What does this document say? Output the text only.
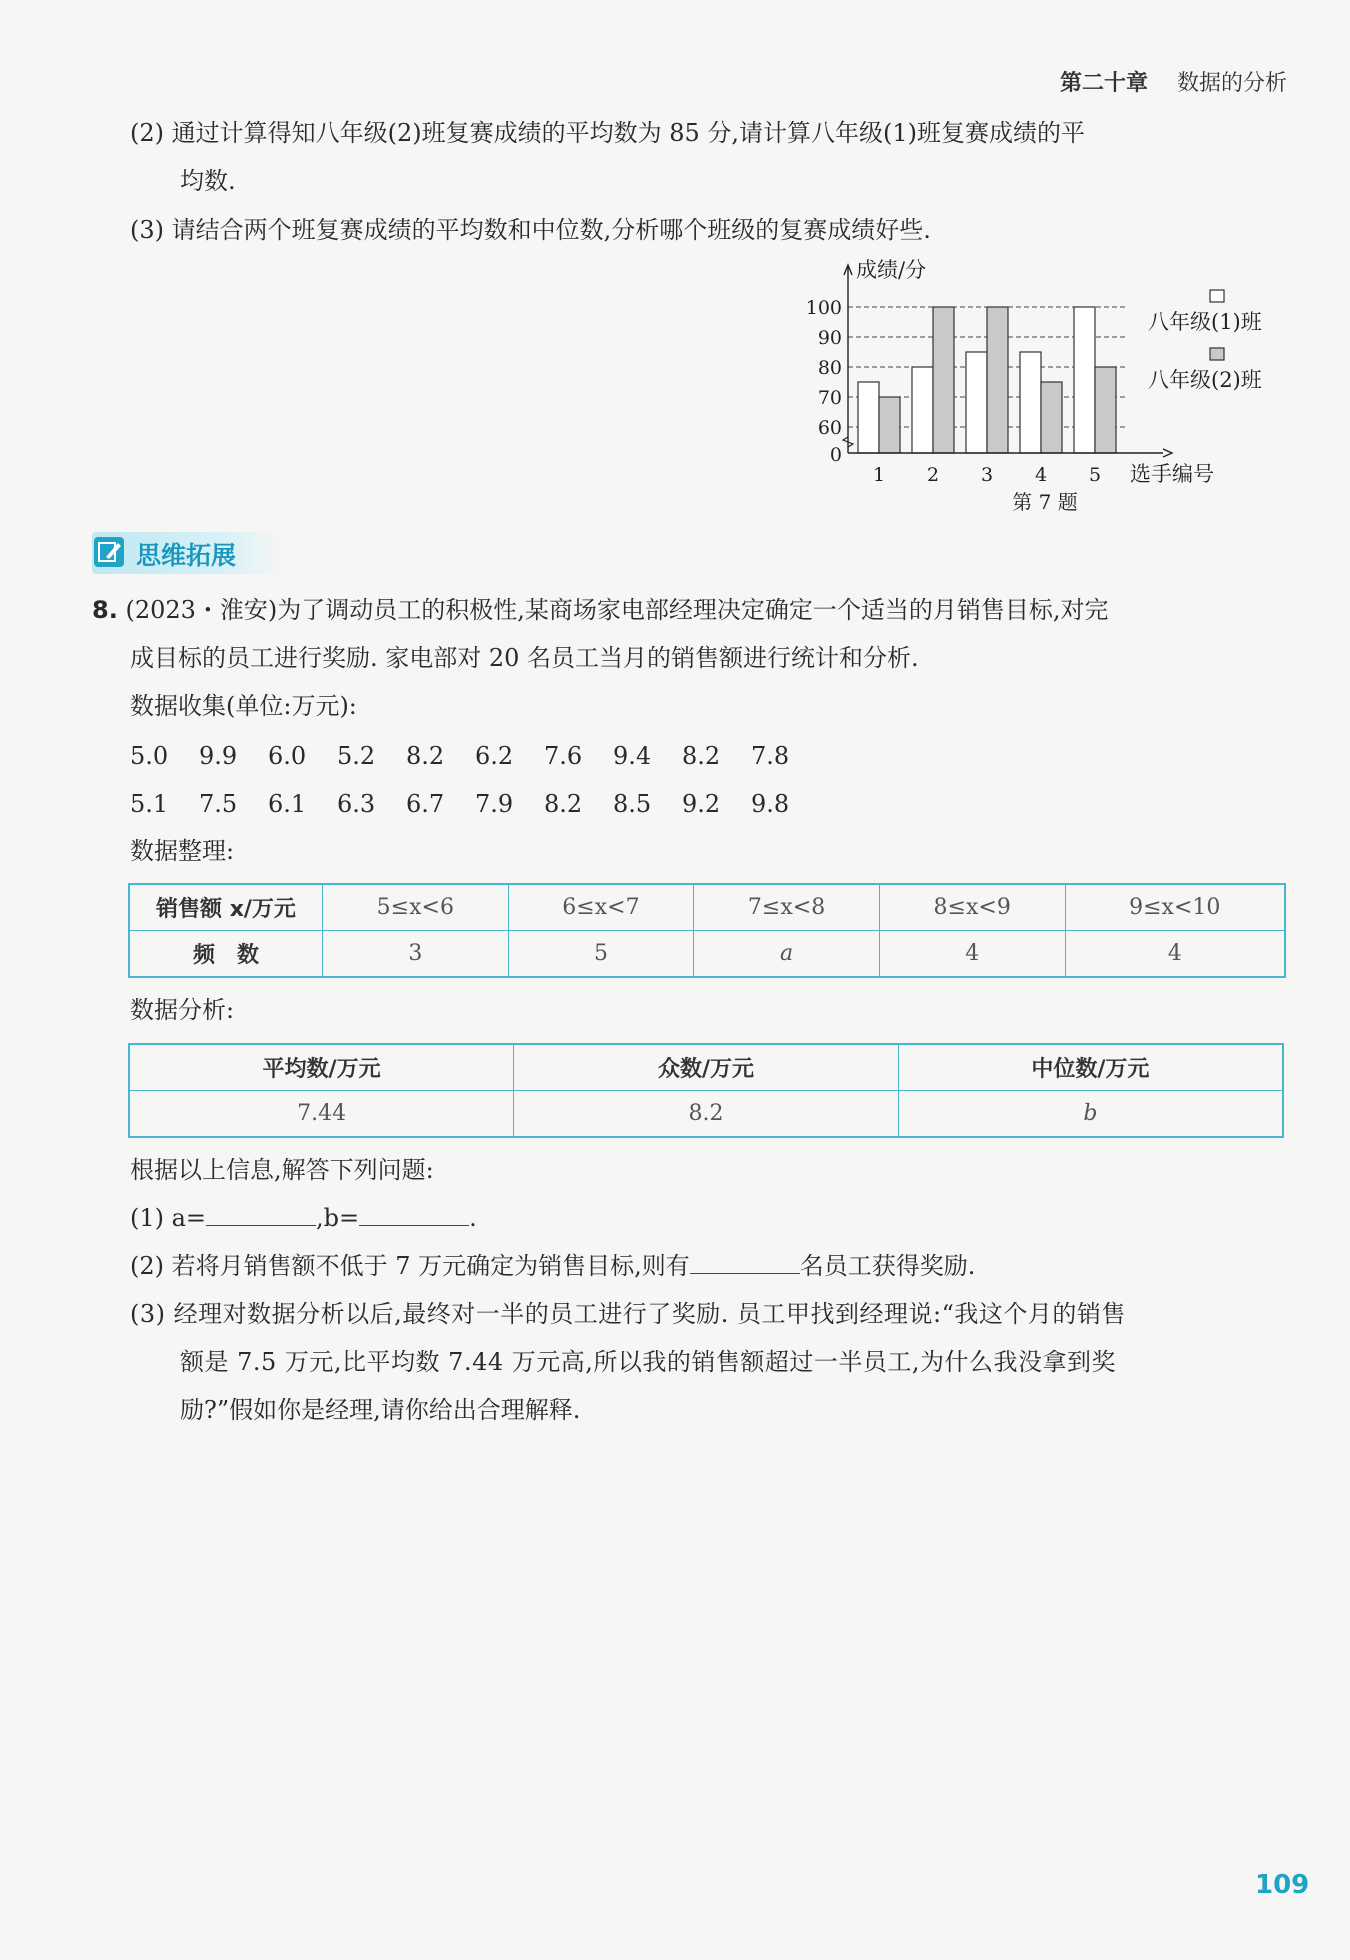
第二十章 数据的分析
(2) 通过计算得知八年级(2)班复赛成绩的平均数为 85 分,请计算八年级(1)班复赛成绩的平
均数.
(3) 请结合两个班复赛成绩的平均数和中位数,分析哪个班级的复赛成绩好些.
0
60
70
80
90
100
1 2 3 4 5
成绩/分
选手编号
第 7 题
八年级(1)班
八年级(2)班
思维拓展
8. (2023・淮安)为了调动员工的积极性,某商场家电部经理决定确定一个适当的月销售目标,对完
成目标的员工进行奖励. 家电部对 20 名员工当月的销售额进行统计和分析.
数据收集(单位:万元):
5.0 9.9 6.0 5.2 8.2 6.2 7.6 9.4 8.2 7.8
5.1 7.5 6.1 6.3 6.7 7.9 8.2 8.5 9.2 9.8
数据整理:
销售额 x/万元	5≤x<6	6≤x<7	7≤x<8	8≤x<9	9≤x<10
频　数	3	5	a	4	4
数据分析:
平均数/万元	众数/万元	中位数/万元
7.44	8.2	b
根据以上信息,解答下列问题:
(1) a=	,b=	.
(2) 若将月销售额不低于 7 万元确定为销售目标,则有	名员工获得奖励.
(3) 经理对数据分析以后,最终对一半的员工进行了奖励. 员工甲找到经理说:“我这个月的销售
额是 7.5 万元,比平均数 7.44 万元高,所以我的销售额超过一半员工,为什么我没拿到奖
励?”假如你是经理,请你给出合理解释.
109
